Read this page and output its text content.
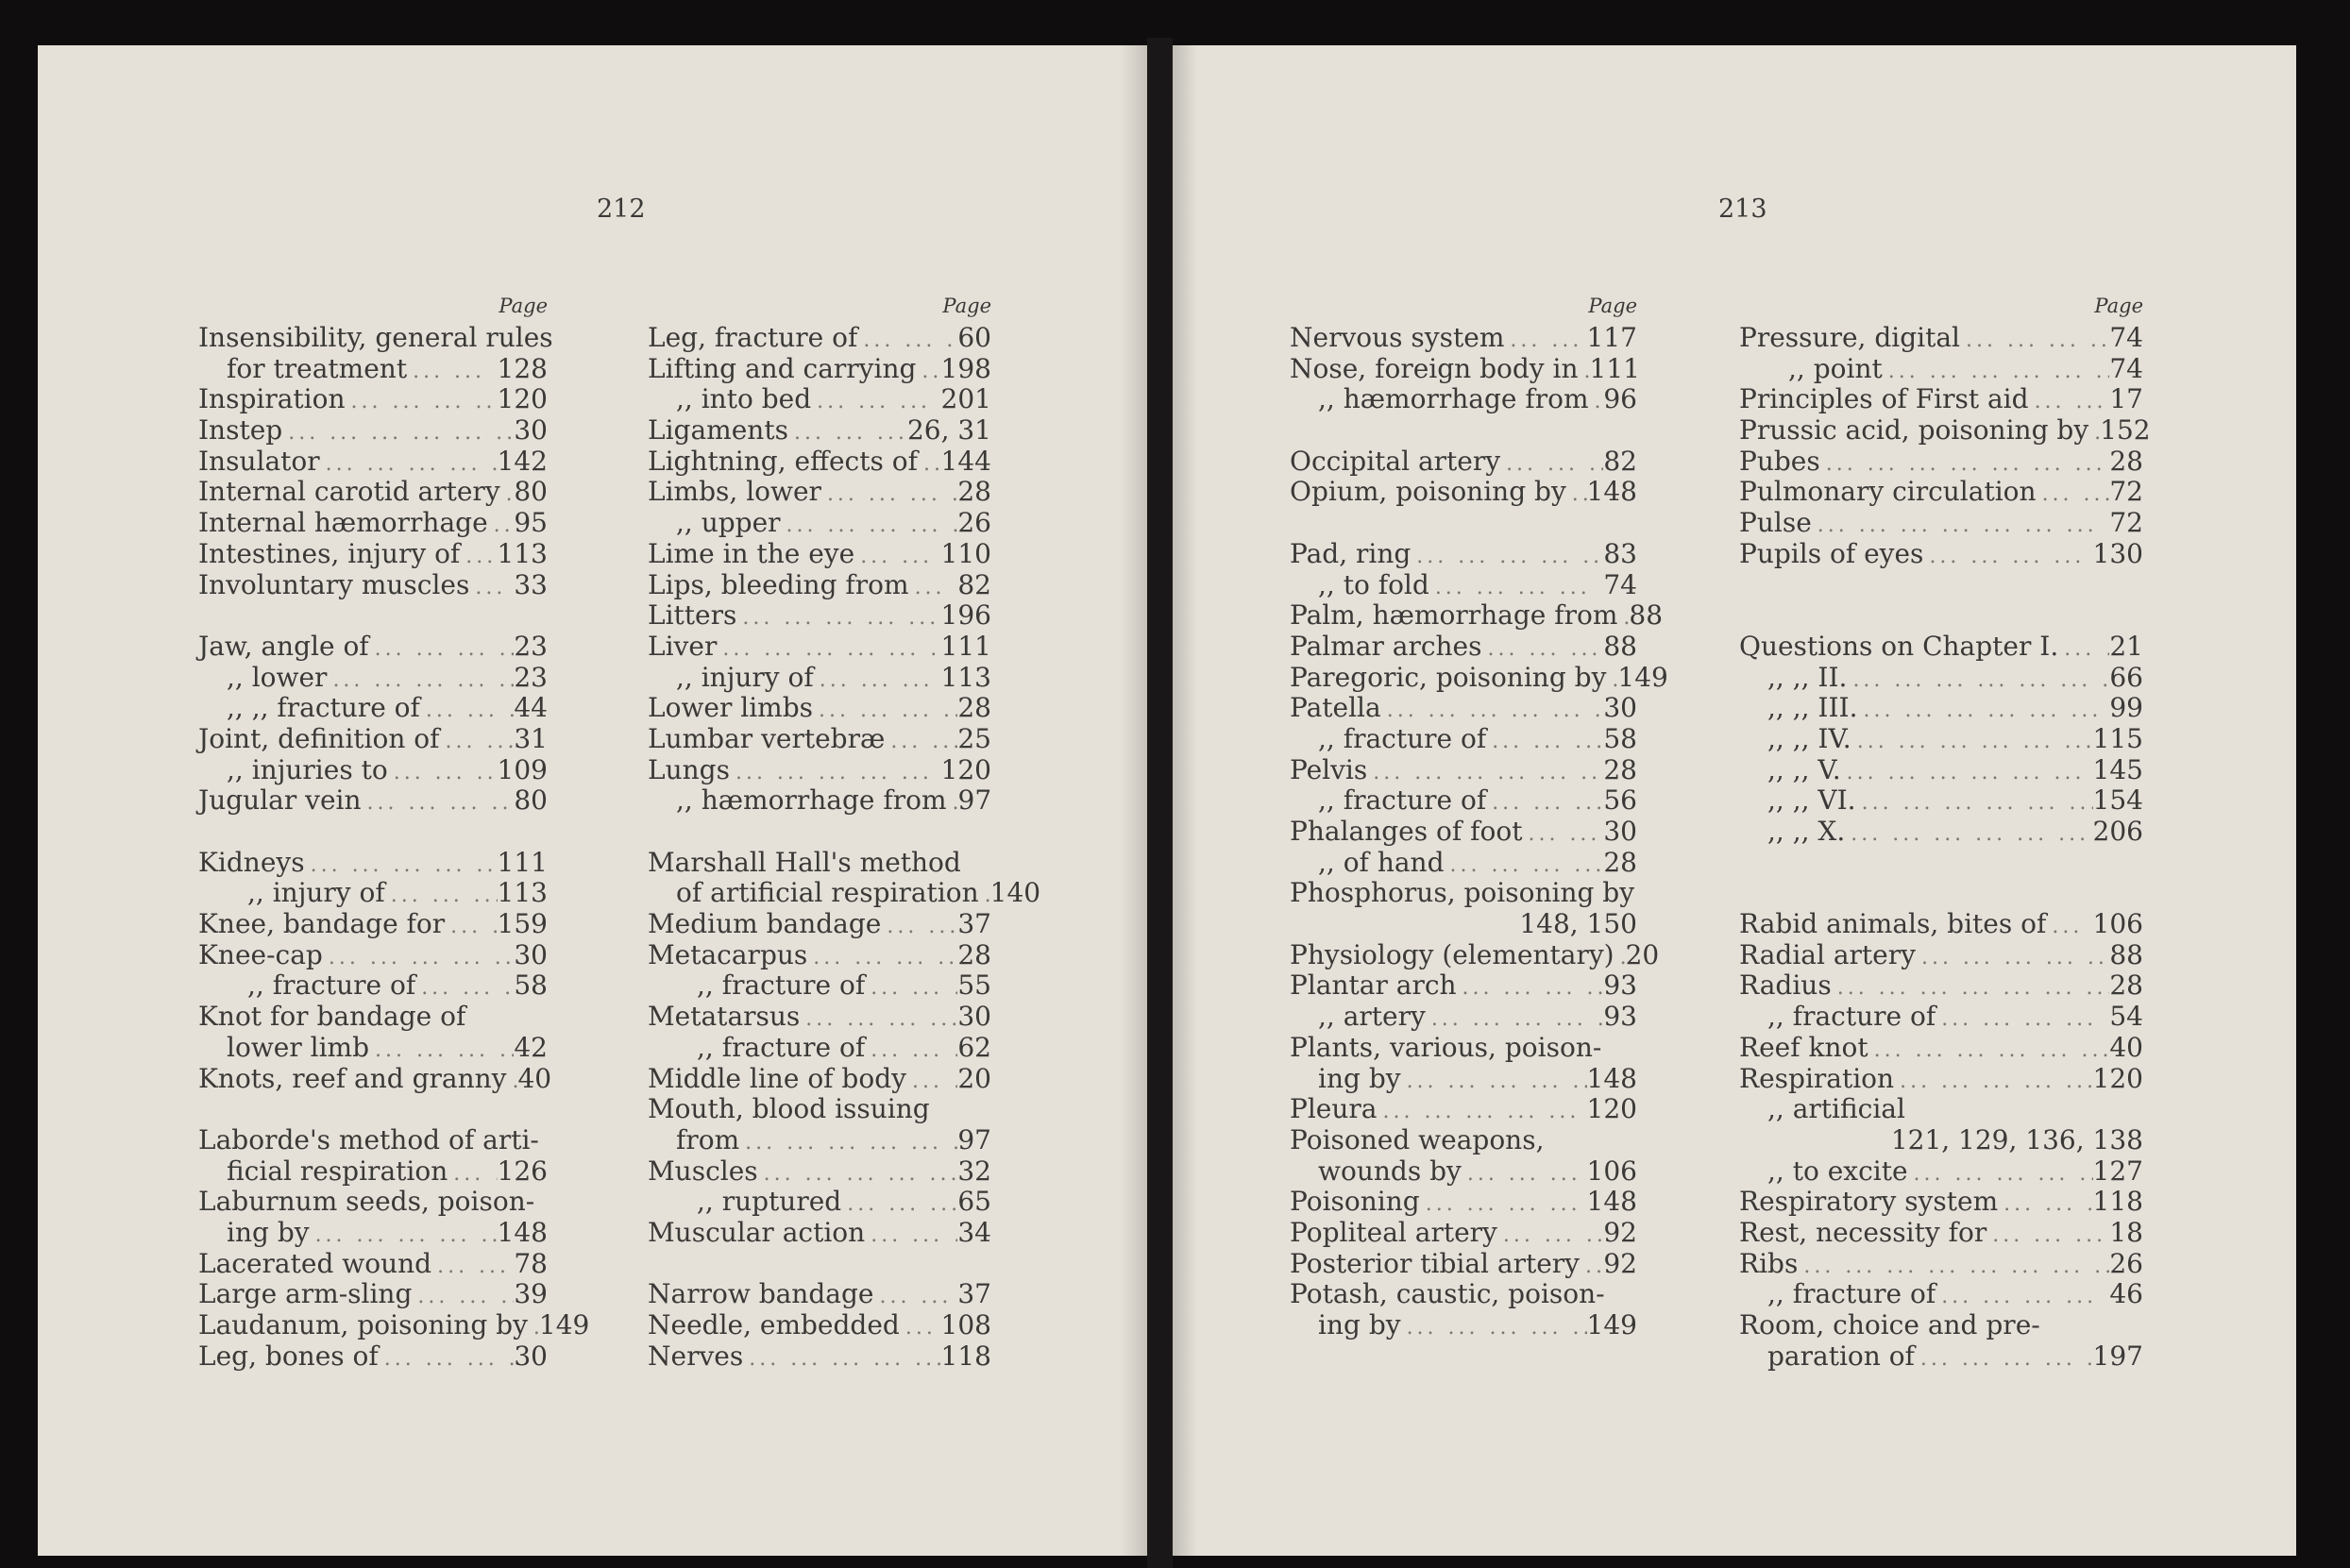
212
Page
Insensibility, general rules
for treatment ... .	128
Inspiration ... .	120
Instep ... .	30
Insulator ... .	142
Internal carotid artery ... . 80
Internal hæmorrhage ... . 95
Intestines, injury of ... . 113
Involuntary muscles ... . 33
Jaw, angle of ... .	23
,, lower ... .	23
,, ,, fracture of ... .	44
Joint, definition of ... .	31
,, injuries to ... .	109
Jugular vein ... .	80
Kidneys ... .	111
,, injury of ... .	113
Knee, bandage for ... . 159
Knee-cap ... .	30
,, fracture of ... .	58
Knot for bandage of
lower limb ... .	42
Knots, reef and granny ... . 40
Laborde's method of arti-
ficial respiration ... . 126
Laburnum seeds, poison-
ing by ... .	148
Lacerated wound ... .	78
Large arm-sling ... .	39
Laudanum, poisoning by ... . 149
Leg, bones of ... .	30
Page
Leg, fracture of ... .	60
Lifting and carrying ... . 198
,, into bed ... .	201
Ligaments ... .	26, 31
Lightning, effects of ... . 144
Limbs, lower ... .	28
,, upper ... .	26
Lime in the eye ... .	110
Lips, bleeding from ... . 82
Litters ... .	196
Liver ... .	111
,, injury of ... .	113
Lower limbs ... .	28
Lumbar vertebræ ... .	25
Lungs ... .	120
,, hæmorrhage from ... . 97
Marshall Hall's method
of artificial respiration ... . 140
Medium bandage ... .	37
Metacarpus ... .	28
,, fracture of ... .	55
Metatarsus ... .	30
,, fracture of ... .	62
Middle line of body ... . 20
Mouth, blood issuing
from ... .	97
Muscles ... .	32
,, ruptured ... .	65
Muscular action ... .	34
Narrow bandage ... .	37
Needle, embedded ... . 108
Nerves ... .	118
213
Page
Nervous system ... .	117
Nose, foreign body in ... . 111
,, hæmorrhage from ... . 96
Occipital artery ... .	82
Opium, poisoning by ... . 148
Pad, ring ... .	83
,, to fold ... .	74
Palm, hæmorrhage from ... . 88
Palmar arches ... .	88
Paregoric, poisoning by ... . 149
Patella ... .	30
,, fracture of ... .	58
Pelvis ... .	28
,, fracture of ... .	56
Phalanges of foot ... .	30
,, of hand ... .	28
Phosphorus, poisoning by
148, 150
Physiology (elementary) ... . 20
Plantar arch ... .	93
,, artery ... .	93
Plants, various, poison-
ing by ... .	148
Pleura ... .	120
Poisoned weapons,
wounds by ... .	106
Poisoning ... .	148
Popliteal artery ... .	92
Posterior tibial artery ... . 92
Potash, caustic, poison-
ing by ... .	149
Page
Pressure, digital ... .	74
,, point ... .	74
Principles of First aid ... .	17
Prussic acid, poisoning by ... . 152
Pubes ... .	28
Pulmonary circulation ... .	72
Pulse ... .	72
Pupils of eyes ... .	130
Questions on Chapter I. ... . 21
,, ,, II. ... .	66
,, ,, III. ... .	99
,, ,, IV. ... .	115
,, ,, V. ... .	145
,, ,, VI. ... .	154
,, ,, X. ... .	206
Rabid animals, bites of ... . 106
Radial artery ... .	88
Radius ... .	28
,, fracture of ... .	54
Reef knot ... .	40
Respiration ... .	120
,, artificial
121, 129, 136, 138
,, to excite ... .	127
Respiratory system ... .	118
Rest, necessity for ... .	18
Ribs ... .	26
,, fracture of ... .	46
Room, choice and pre-
paration of ... .	197
